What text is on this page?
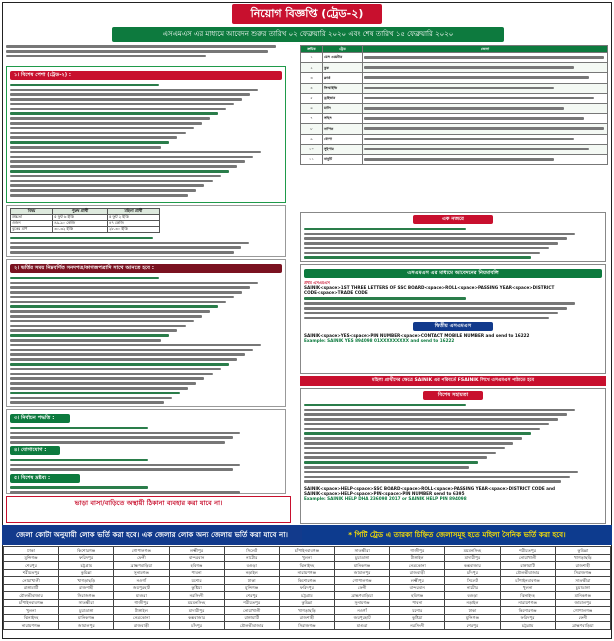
নিয়োগ বিজ্ঞপ্তি (ট্রেড-২)
এসএমএস এর মাধ্যমে আবেদন শুরুর তারিখ ০২ ফেব্রুয়ারি ২০২০ এবং শেষ তারিখ ১৫ ফেব্রুয়ারি ২০২০
১। বিশেষ পেশা (ট্রেড-২) :
বিষয়	পুরুষ প্রার্থী	মহিলা প্রার্থী
উচ্চতা	৫ ফুট ৬ ইঞ্চি	৫ ফুট ২ ইঞ্চি
ওজন	৪৯.৯০ কেজি	৪৭ কেজি
বুকের মাপ	৩০-৩২ ইঞ্চি	২৮-৩০ ইঞ্চি
২। ভর্তির সময় নিম্নবর্ণিত সনদপত্র/কাগজপত্রাদি সাথে আনতে হবে :
৩। নির্বাচন পদ্ধতি :
৪। যোগাযোগ :
৫। বিশেষ দ্রষ্টব্য :
ভাড়া বাসা/বাড়িতে অস্থায়ী ঠিকানা ব্যবহার করা যাবে না।
ক্রমিক	ট্রেড	জেলা
১	মেস ওয়েটার	
২	কুক	
৩	ক্লার্ক	
৪	সিআইভি	
৫	ড্রাইভার	
৬	মালি	
৭	সহিস	
৮	নাপিত	
৯	ধোপা	
১০	সুইপার	
১১	বাবুর্চি	
এক নজরে
এসএমএস এর মাধ্যমে আবেদনের নিয়মাবলি
প্রথম এসএমএস
SAINIK<space>1ST THREE LETTERS OF SSC BOARD<space>ROLL<space>PASSING YEAR<space>DISTRICT CODE<space>TRADE CODE
দ্বিতীয় এসএমএস
SAINIK<space>YES<space>PIN NUMBER<space>CONTACT MOBILE NUMBER and send to 16222
Example: SAINIK YES 894098 01XXXXXXXXX and send to 16222
মহিলা প্রার্থীদের ক্ষেত্রে SAINIK এর পরিবর্তে FSAINIK লিখে এসএমএস পাঠাতে হবে
বিশেষ সহায়তা
SAINIK<space>HELP<space>SSC BOARD<space>ROLL<space>PASSING YEAR<space>DISTRICT CODE and SAINIK<space>HELP<space>PIN<space>PIN NUMBER send to 6395
Example: SAINIK HELP DHA 236098 2017 or SAINIK HELP PIN 894098
জেলা কোটা অনুযায়ী লোক ভর্তি করা হবে। এক জেলার লোক অন্য জেলায় ভর্তি করা যাবে না।	* পিটি ট্রেড এ তারকা চিহ্নিত জেলাসমূহ হতে মহিলা সৈনিক ভর্তি করা হবে।
ঢাকা	কিশোরগঞ্জ	গোপালগঞ্জ	লক্ষ্মীপুর	সিলেট	চাঁপাইনবাবগঞ্জ	সাতক্ষীরা	গাজীপুর	ময়মনসিংহ	শরীয়তপুর	কুমিল্লা
মুন্সিগঞ্জ	ফরিদপুর	ফেনী	বান্দরবান	নাটোর	খুলনা	চুয়াডাঙ্গা	টাঙ্গাইল	মাদারীপুর	নোয়াখালী	খাগড়াছড়ি
শেরপুর	চট্টগ্রাম	ব্রাহ্মণবাড়িয়া	হবিগঞ্জ	বগুড়া	ঝিনাইদহ	মানিকগঞ্জ	নেত্রকোনা	কক্সবাজার	রাঙ্গামাটি	রাজশাহী
শরীয়তপুর	কুমিল্লা	সুনামগঞ্জ	পাবনা	নড়াইল	নারায়ণগঞ্জ	জামালপুর	রাজবাড়ী	চাঁদপুর	মৌলভীবাজার	সিরাজগঞ্জ
নোয়াখালী	খাগড়াছড়ি	নওগাঁ	যশোর	ঢাকা	কিশোরগঞ্জ	গোপালগঞ্জ	লক্ষ্মীপুর	সিলেট	চাঁপাইনবাবগঞ্জ	সাতক্ষীরা
রাঙ্গামাটি	রাজশাহী	জয়পুরহাট	কুষ্টিয়া	মুন্সিগঞ্জ	ফরিদপুর	ফেনী	বান্দরবান	নাটোর	খুলনা	চুয়াডাঙ্গা
মৌলভীবাজার	সিরাজগঞ্জ	মাগুরা	নরসিংদী	শেরপুর	চট্টগ্রাম	ব্রাহ্মণবাড়িয়া	হবিগঞ্জ	বগুড়া	ঝিনাইদহ	মানিকগঞ্জ
চাঁপাইনবাবগঞ্জ	সাতক্ষীরা	গাজীপুর	ময়মনসিংহ	শরীয়তপুর	কুমিল্লা	সুনামগঞ্জ	পাবনা	নড়াইল	নারায়ণগঞ্জ	জামালপুর
খুলনা	চুয়াডাঙ্গা	টাঙ্গাইল	মাদারীপুর	নোয়াখালী	খাগড়াছড়ি	নওগাঁ	যশোর	ঢাকা	কিশোরগঞ্জ	গোপালগঞ্জ
ঝিনাইদহ	মানিকগঞ্জ	নেত্রকোনা	কক্সবাজার	রাঙ্গামাটি	রাজশাহী	জয়পুরহাট	কুষ্টিয়া	মুন্সিগঞ্জ	ফরিদপুর	ফেনী
নারায়ণগঞ্জ	জামালপুর	রাজবাড়ী	চাঁদপুর	মৌলভীবাজার	সিরাজগঞ্জ	মাগুরা	নরসিংদী	শেরপুর	চট্টগ্রাম	ব্রাহ্মণবাড়িয়া
